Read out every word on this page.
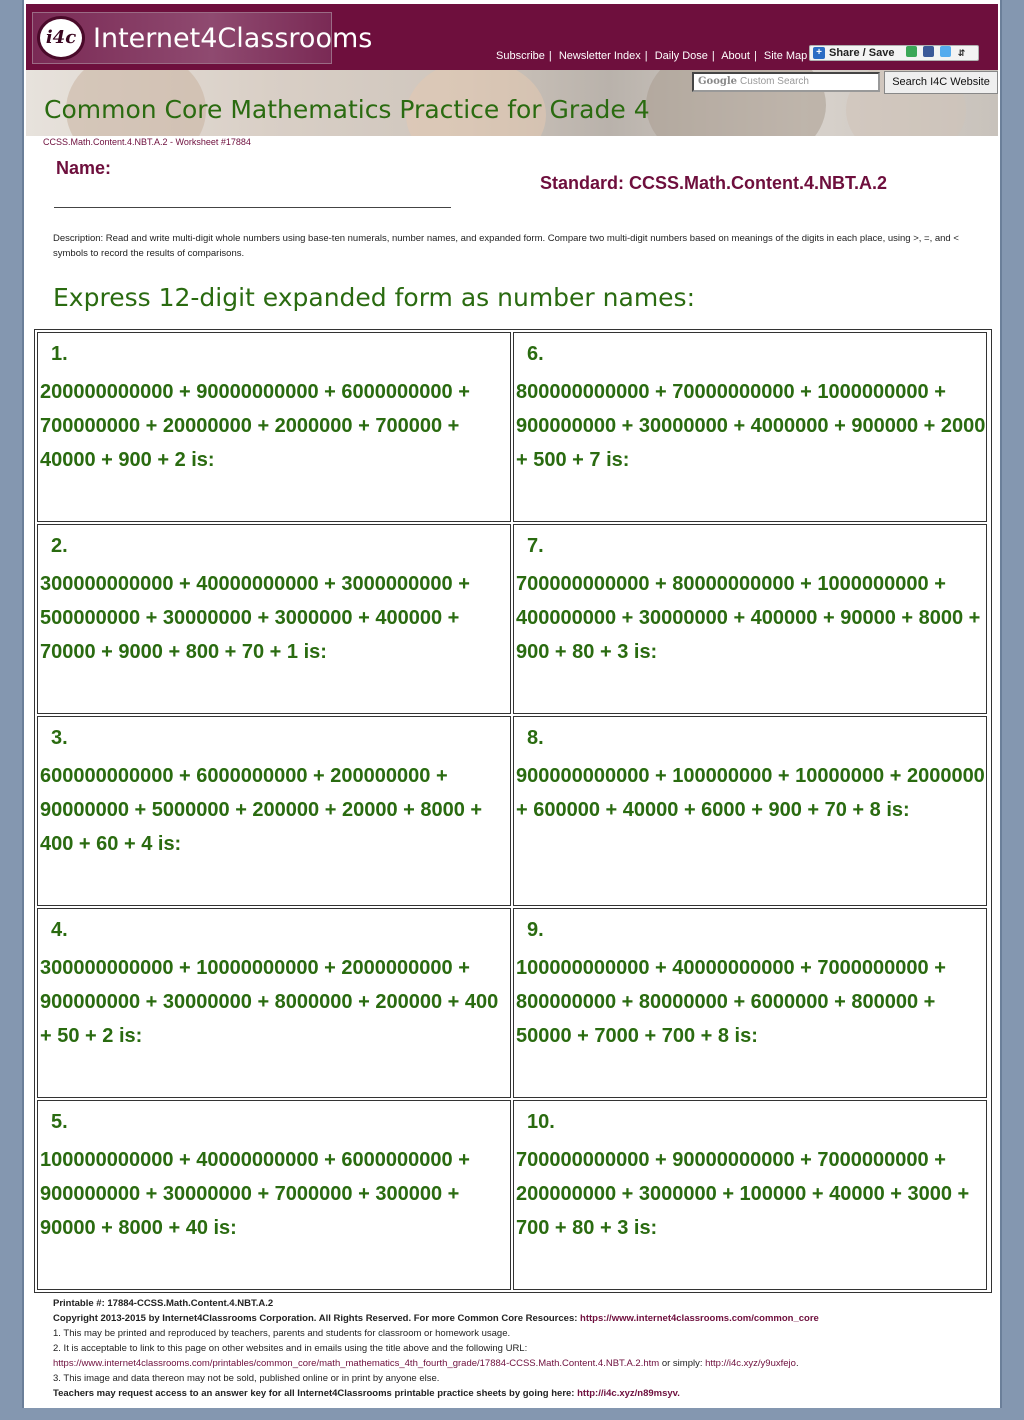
i4c Internet4Classrooms
Subscribe | Newsletter Index | Daily Dose | About | Site Map + Share / Save	⇵
Common Core Mathematics Practice for Grade 4
Google Custom Search	Search I4C Website
CCSS.Math.Content.4.NBT.A.2 - Worksheet #17884
Name:
Standard: CCSS.Math.Content.4.NBT.A.2
Description: Read and write multi-digit whole numbers using base-ten numerals, number names, and expanded form. Compare two multi-digit numbers based on meanings of the digits in each place, using >, =, and < symbols to record the results of comparisons.
Express 12-digit expanded form as number names:
1.
200000000000 + 90000000000 + 6000000000 + 700000000 + 20000000 + 2000000 + 700000 + 40000 + 900 + 2 is:
6.
800000000000 + 70000000000 + 1000000000 + 900000000 + 30000000 + 4000000 + 900000 + 2000 + 500 + 7 is:
2.
300000000000 + 40000000000 + 3000000000 + 500000000 + 30000000 + 3000000 + 400000 + 70000 + 9000 + 800 + 70 + 1 is:
7.
700000000000 + 80000000000 + 1000000000 + 400000000 + 30000000 + 400000 + 90000 + 8000 + 900 + 80 + 3 is:
3.
600000000000 + 6000000000 + 200000000 + 90000000 + 5000000 + 200000 + 20000 + 8000 + 400 + 60 + 4 is:
8.
900000000000 + 100000000 + 10000000 + 2000000 + 600000 + 40000 + 6000 + 900 + 70 + 8 is:
4.
300000000000 + 10000000000 + 2000000000 + 900000000 + 30000000 + 8000000 + 200000 + 400 + 50 + 2 is:
9.
100000000000 + 40000000000 + 7000000000 + 800000000 + 80000000 + 6000000 + 800000 + 50000 + 7000 + 700 + 8 is:
5.
100000000000 + 40000000000 + 6000000000 + 900000000 + 30000000 + 7000000 + 300000 + 90000 + 8000 + 40 is:
10.
700000000000 + 90000000000 + 7000000000 + 200000000 + 3000000 + 100000 + 40000 + 3000 + 700 + 80 + 3 is:
Printable #: 17884-CCSS.Math.Content.4.NBT.A.2
Copyright 2013-2015 by Internet4Classrooms Corporation. All Rights Reserved. For more Common Core Resources: https://www.internet4classrooms.com/common_core
1. This may be printed and reproduced by teachers, parents and students for classroom or homework usage.
2. It is acceptable to link to this page on other websites and in emails using the title above and the following URL:
https://www.internet4classrooms.com/printables/common_core/math_mathematics_4th_fourth_grade/17884-CCSS.Math.Content.4.NBT.A.2.htm or simply: http://i4c.xyz/y9uxfejo.
3. This image and data thereon may not be sold, published online or in print by anyone else.
Teachers may request access to an answer key for all Internet4Classrooms printable practice sheets by going here: http://i4c.xyz/n89msyv.
